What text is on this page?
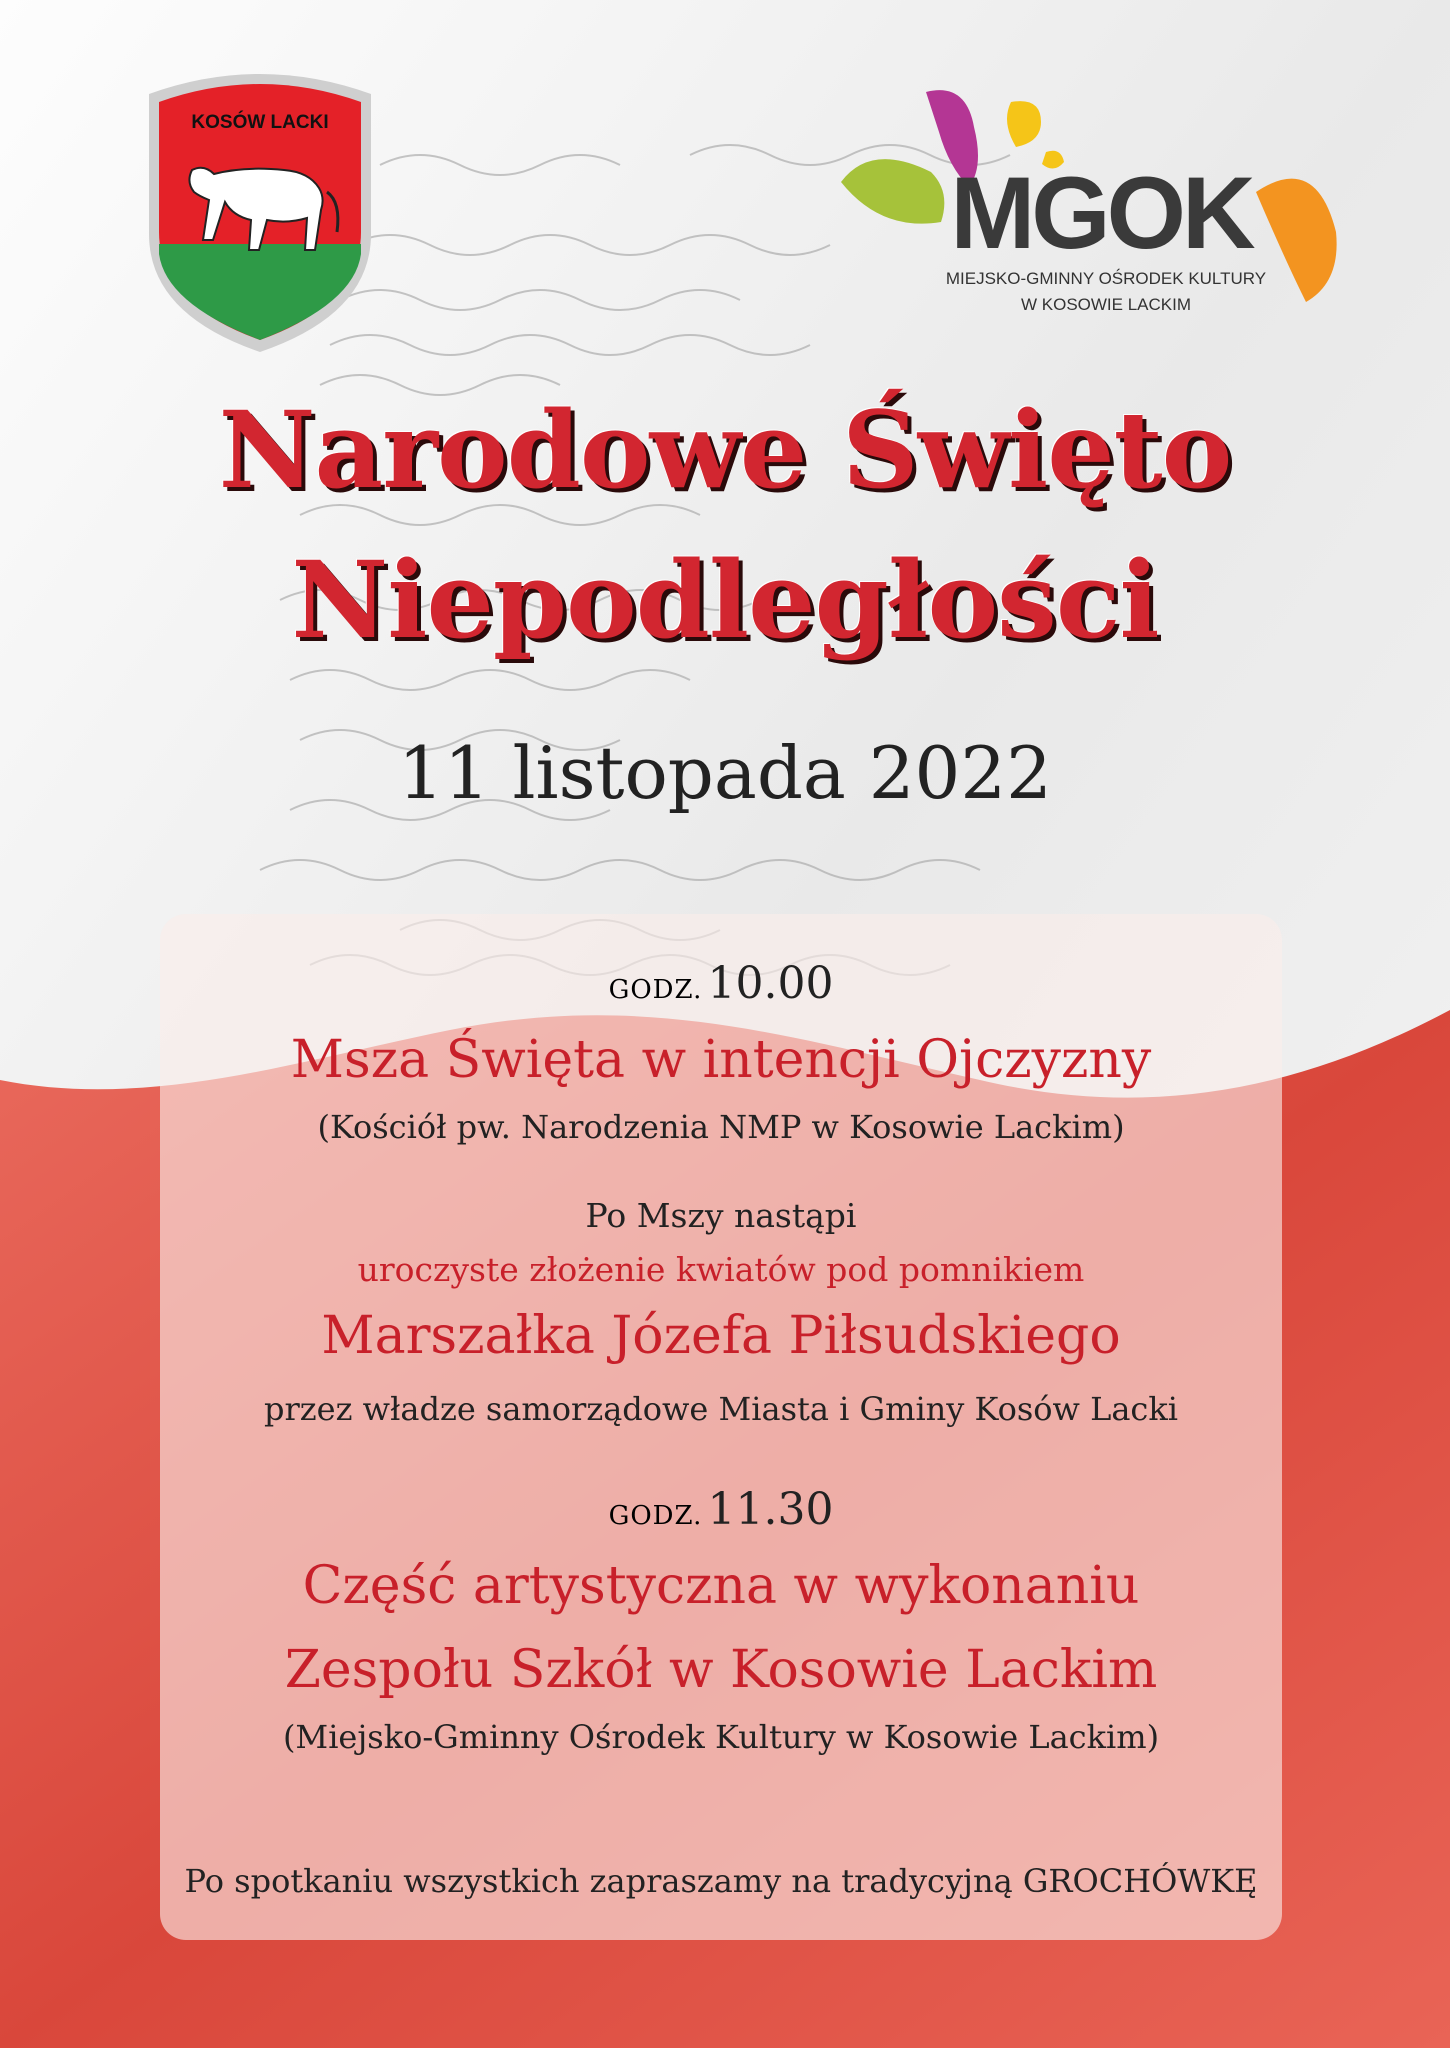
KOSÓW LACKI
MGOK
MIEJSKO-GMINNY OŚRODEK KULTURY
W KOSOWIE LACKIM
Narodowe Święto
Niepodległości
11 listopada 2022
GODZ. 10.00
Msza Święta w intencji Ojczyzny
(Kościół pw. Narodzenia NMP w Kosowie Lackim)
Po Mszy nastąpi
uroczyste złożenie kwiatów pod pomnikiem
Marszałka Józefa Piłsudskiego
przez władze samorządowe Miasta i Gminy Kosów Lacki
GODZ. 11.30
Część artystyczna w wykonaniu
Zespołu Szkół w Kosowie Lackim
(Miejsko-Gminny Ośrodek Kultury w Kosowie Lackim)
Po spotkaniu wszystkich zapraszamy na tradycyjną GROCHÓWKĘ
